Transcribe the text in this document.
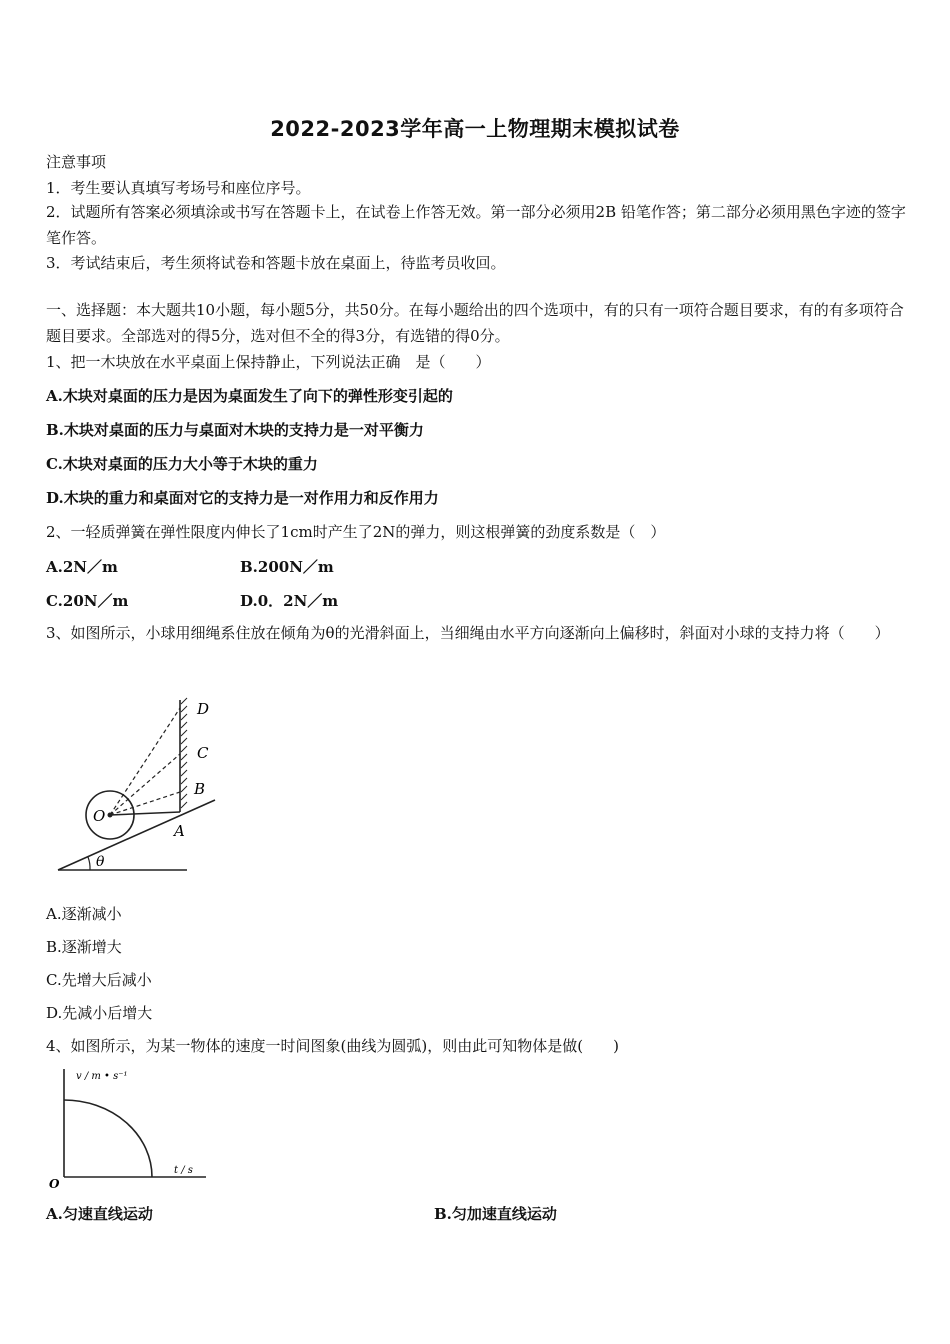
2022-2023学年高一上物理期末模拟试卷
注意事项
1．考生要认真填写考场号和座位序号。
2．试题所有答案必须填涂或书写在答题卡上，在试卷上作答无效。第一部分必须用2B 铅笔作答；第二部分必须用黑色字迹的签字笔作答。
3．考试结束后，考生须将试卷和答题卡放在桌面上，待监考员收回。
一、选择题：本大题共10小题，每小题5分，共50分。在每小题给出的四个选项中，有的只有一项符合题目要求，有的有多项符合题目要求。全部选对的得5分，选对但不全的得3分，有选错的得0分。
1、把一木块放在水平桌面上保持静止，下列说法正确　是（　　）
A.木块对桌面的压力是因为桌面发生了向下的弹性形变引起的
B.木块对桌面的压力与桌面对木块的支持力是一对平衡力
C.木块对桌面的压力大小等于木块的重力
D.木块的重力和桌面对它的支持力是一对作用力和反作用力
2、一轻质弹簧在弹性限度内伸长了1cm时产生了2N的弹力，则这根弹簧的劲度系数是（　）
A.2N／m	B.200N／m
C.20N／m	D.0．2N／m
3、如图所示，小球用细绳系住放在倾角为θ的光滑斜面上，当细绳由水平方向逐渐向上偏移时，斜面对小球的支持力将（　　）
D
C
B
A
O
θ
A.逐渐减小
B.逐渐增大
C.先增大后减小
D.先减小后增大
4、如图所示，为某一物体的速度一时间图象(曲线为圆弧)，则由此可知物体是做(　　)
v / m • s⁻¹
t / s
O
A.匀速直线运动	B.匀加速直线运动
